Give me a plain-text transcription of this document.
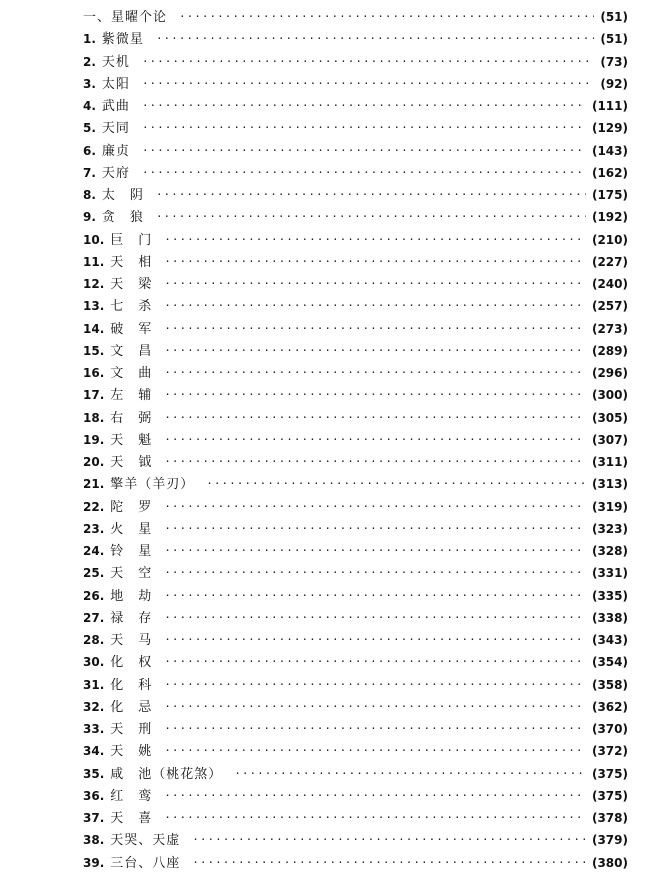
一、星曜个论 ·····	(51)
1. 紫微星 ·····	(51)
2. 天机 ·····	(73)
3. 太阳 ·····	(92)
4. 武曲 ·····	(111)
5. 天同 ·····	(129)
6. 廉贞 ·····	(143)
7. 天府 ·····	(162)
8. 太　阴 ·····	(175)
9. 贪　狼 ·····	(192)
10. 巨　门 ·····	(210)
11. 天　相 ·····	(227)
12. 天　梁 ·····	(240)
13. 七　杀 ·····	(257)
14. 破　军 ·····	(273)
15. 文　昌 ·····	(289)
16. 文　曲 ·····	(296)
17. 左　辅 ·····	(300)
18. 右　弼 ·····	(305)
19. 天　魁 ·····	(307)
20. 天　钺 ·····	(311)
21. 擎羊（羊刃） ·····	(313)
22. 陀　罗 ·····	(319)
23. 火　星 ·····	(323)
24. 铃　星 ·····	(328)
25. 天　空 ·····	(331)
26. 地　劫 ·····	(335)
27. 禄　存 ·····	(338)
28. 天　马 ·····	(343)
30. 化　权 ·····	(354)
31. 化　科 ·····	(358)
32. 化　忌 ·····	(362)
33. 天　刑 ·····	(370)
34. 天　姚 ·····	(372)
35. 咸　池（桃花煞） ·····	(375)
36. 红　鸾 ·····	(375)
37. 天　喜 ·····	(378)
38. 天哭、天虚 ·····	(379)
39. 三台、八座 ·····	(380)
